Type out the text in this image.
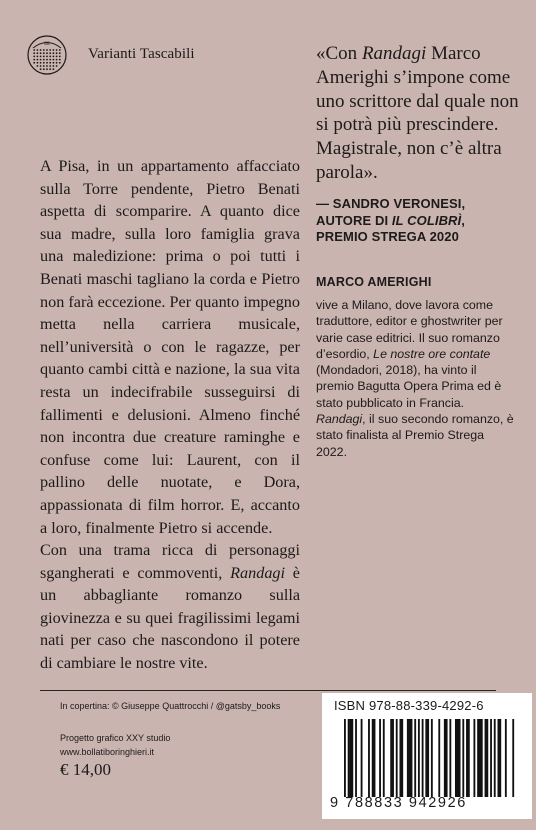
BB
Varianti Tascabili

A Pisa, in un appartamento affacciato sulla Torre pendente, Pietro Benati aspetta di scomparire. A quanto dice sua madre, sulla loro famiglia grava una maledizione: prima o poi tutti i Benati maschi tagliano la corda e Pietro non farà eccezione. Per quanto impegno metta nella carriera musicale, nell’università o con le ragazze, per quanto cambi città e nazione, la sua vita resta un indecifrabile susseguirsi di fallimenti e delusioni. Almeno finché non incontra due creature raminghe e confuse come lui: Laurent, con il pallino delle nuotate, e Dora, appassionata di film horror. E, accanto a loro, finalmente Pietro si accende.

Con una trama ricca di personaggi sgangherati e commoventi, Randagi è un abbagliante romanzo sulla giovinezza e su quei fragilissimi legami nati per caso che nascondono il potere di cambiare le nostre vite.

«Con Randagi Marco Amerighi s’impone come uno scrittore dal quale non si potrà più prescindere. Magistrale, non c’è altra parola».
— SANDRO VERONESI,
AUTORE DI IL COLIBRÌ,
PREMIO STREGA 2020
MARCO AMERIGHI
vive a Milano, dove lavora come traduttore, editor e ghostwriter per varie case editrici. Il suo romanzo d’esordio, Le nostre ore contate (Mondadori, 2018), ha vinto il premio Bagutta Opera Prima ed è stato pubblicato in Francia. Randagi, il suo secondo romanzo, è stato finalista al Premio Strega 2022.
In copertina: © Giuseppe Quattrocchi / @gatsby_books
Progetto grafico XXY studio
www.bollatiboringhieri.it
€ 14,00
ISBN 978-88-339-4292-6
9 788833 942926
